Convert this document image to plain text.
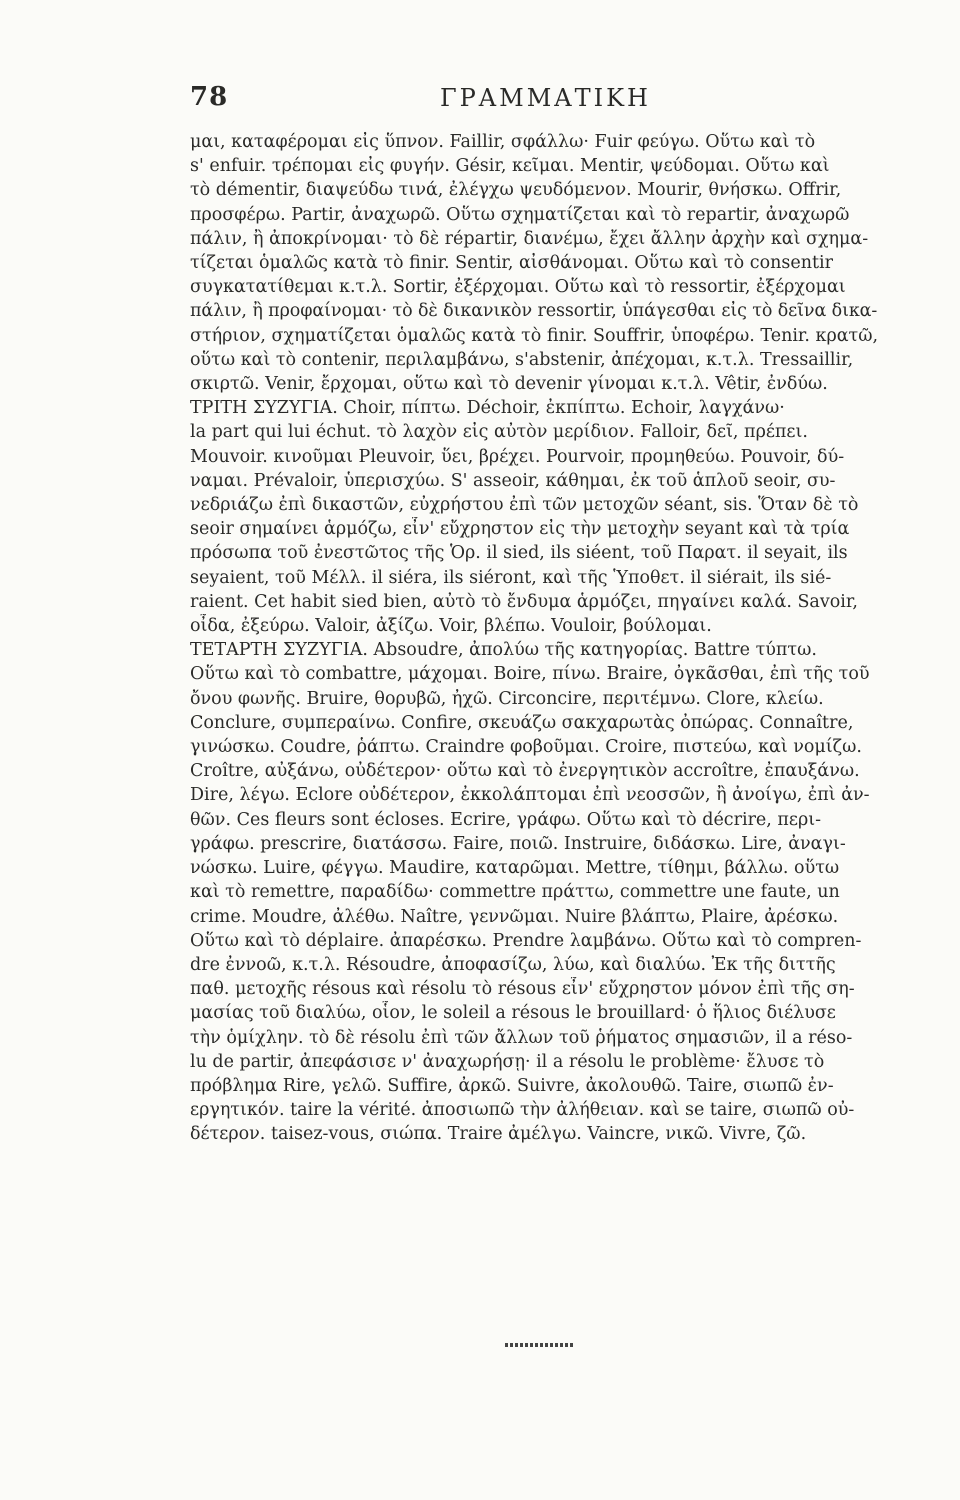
78	ΓΡΑΜΜΑΤΙΚΗ
μαι, καταφέρομαι εἰς ὕπνον. Faillir, σφάλλω· Fuir φεύγω. Οὕτω καὶ τὸ
s' enfuir. τρέπομαι εἰς φυγήν. Gésir, κεῖμαι. Mentir, ψεύδομαι. Οὕτω καὶ
τὸ démentir, διαψεύδω τινά, ἐλέγχω ψευδόμενον. Mourir, θνήσκω. Offrir,
προσφέρω. Partir, ἀναχωρῶ. Οὕτω σχηματίζεται καὶ τὸ repartir, ἀναχωρῶ
πάλιν, ἢ ἀποκρίνομαι· τὸ δὲ répartir, διανέμω, ἔχει ἄλλην ἀρχὴν καὶ σχημα-
τίζεται ὁμαλῶς κατὰ τὸ finir. Sentir, αἰσθάνομαι. Οὕτω καὶ τὸ consentir
συγκατατίθεμαι κ.τ.λ. Sortir, ἐξέρχομαι. Οὕτω καὶ τὸ ressortir, ἐξέρχομαι
πάλιν, ἢ προφαίνομαι· τὸ δὲ δικανικὸν ressortir, ὑπάγεσθαι εἰς τὸ δεῖνα δικα-
στήριον, σχηματίζεται ὁμαλῶς κατὰ τὸ finir. Souffrir, ὑποφέρω. Tenir. κρατῶ,
οὕτω καὶ τὸ contenir, περιλαμβάνω, s'abstenir, ἀπέχομαι, κ.τ.λ. Tressaillir,
σκιρτῶ. Venir, ἔρχομαι, οὕτω καὶ τὸ devenir γίνομαι κ.τ.λ. Vêtir, ἐνδύω.
ΤΡΙΤΗ ΣΥΖΥΓΙΑ. Choir, πίπτω. Déchoir, ἐκπίπτω. Echoir, λαγχάνω·
la part qui lui échut. τὸ λαχὸν εἰς αὐτὸν μερίδιον. Falloir, δεῖ, πρέπει.
Mouvoir. κινοῦμαι Pleuvoir, ὕει, βρέχει. Pourvoir, προμηθεύω. Pouvoir, δύ-
ναμαι. Prévaloir, ὑπερισχύω. S' asseoir, κάθημαι, ἐκ τοῦ ἁπλοῦ seoir, συ-
νεδριάζω ἐπὶ δικαστῶν, εὐχρήστου ἐπὶ τῶν μετοχῶν séant, sis. Ὅταν δὲ τὸ
seoir σημαίνει ἁρμόζω, εἶν' εὔχρηστον εἰς τὴν μετοχὴν seyant καὶ τὰ τρία
πρόσωπα τοῦ ἐνεστῶτος τῆς Ὁρ. il sied, ils siéent, τοῦ Παρατ. il seyait, ils
seyaient, τοῦ Μέλλ. il siéra, ils siéront, καὶ τῆς Ὑποθετ. il siérait, ils sié-
raient. Cet habit sied bien, αὐτὸ τὸ ἔνδυμα ἁρμόζει, πηγαίνει καλά. Savoir,
οἶδα, ἐξεύρω. Valoir, ἀξίζω. Voir, βλέπω. Vouloir, βούλομαι.
ΤΕΤΑΡΤΗ ΣΥΖΥΓΙΑ. Absoudre, ἀπολύω τῆς κατηγορίας. Battre τύπτω.
Οὕτω καὶ τὸ combattre, μάχομαι. Boire, πίνω. Braire, ὀγκᾶσθαι, ἐπὶ τῆς τοῦ
ὄνου φωνῆς. Bruire, θορυβῶ, ἠχῶ. Circoncire, περιτέμνω. Clore, κλείω.
Conclure, συμπεραίνω. Confire, σκευάζω σακχαρωτὰς ὀπώρας. Connaître,
γινώσκω. Coudre, ῥάπτω. Craindre φοβοῦμαι. Croire, πιστεύω, καὶ νομίζω.
Croître, αὐξάνω, οὐδέτερον· οὕτω καὶ τὸ ἐνεργητικὸν accroître, ἐπαυξάνω.
Dire, λέγω. Eclore οὐδέτερον, ἐκκολάπτομαι ἐπὶ νεοσσῶν, ἢ ἀνοίγω, ἐπὶ ἀν-
θῶν. Ces fleurs sont écloses. Ecrire, γράφω. Οὕτω καὶ τὸ décrire, περι-
γράφω. prescrire, διατάσσω. Faire, ποιῶ. Instruire, διδάσκω. Lire, ἀναγι-
νώσκω. Luire, φέγγω. Maudire, καταρῶμαι. Mettre, τίθημι, βάλλω. οὕτω
καὶ τὸ remettre, παραδίδω· commettre πράττω, commettre une faute, un
crime. Moudre, ἀλέθω. Naître, γεννῶμαι. Nuire βλάπτω, Plaire, ἀρέσκω.
Οὕτω καὶ τὸ déplaire. ἀπαρέσκω. Prendre λαμβάνω. Οὕτω καὶ τὸ compren-
dre ἐννοῶ, κ.τ.λ. Résoudre, ἀποφασίζω, λύω, καὶ διαλύω. Ἐκ τῆς διττῆς
παθ. μετοχῆς résous καὶ résolu τὸ résous εἶν' εὔχρηστον μόνον ἐπὶ τῆς ση-
μασίας τοῦ διαλύω, οἷον, le soleil a résous le brouillard· ὁ ἥλιος διέλυσε
τὴν ὁμίχλην. τὸ δὲ résolu ἐπὶ τῶν ἄλλων τοῦ ῥήματος σημασιῶν, il a réso-
lu de partir, ἀπεφάσισε ν' ἀναχωρήσῃ· il a résolu le problème· ἔλυσε τὸ
πρόβλημα Rire, γελῶ. Suffire, ἀρκῶ. Suivre, ἀκολουθῶ. Taire, σιωπῶ ἐν-
εργητικόν. taire la vérité. ἀποσιωπῶ τὴν ἀλήθειαν. καὶ se taire, σιωπῶ οὐ-
δέτερον. taisez-vous, σιώπα. Traire ἀμέλγω. Vaincre, νικῶ. Vivre, ζῶ.
